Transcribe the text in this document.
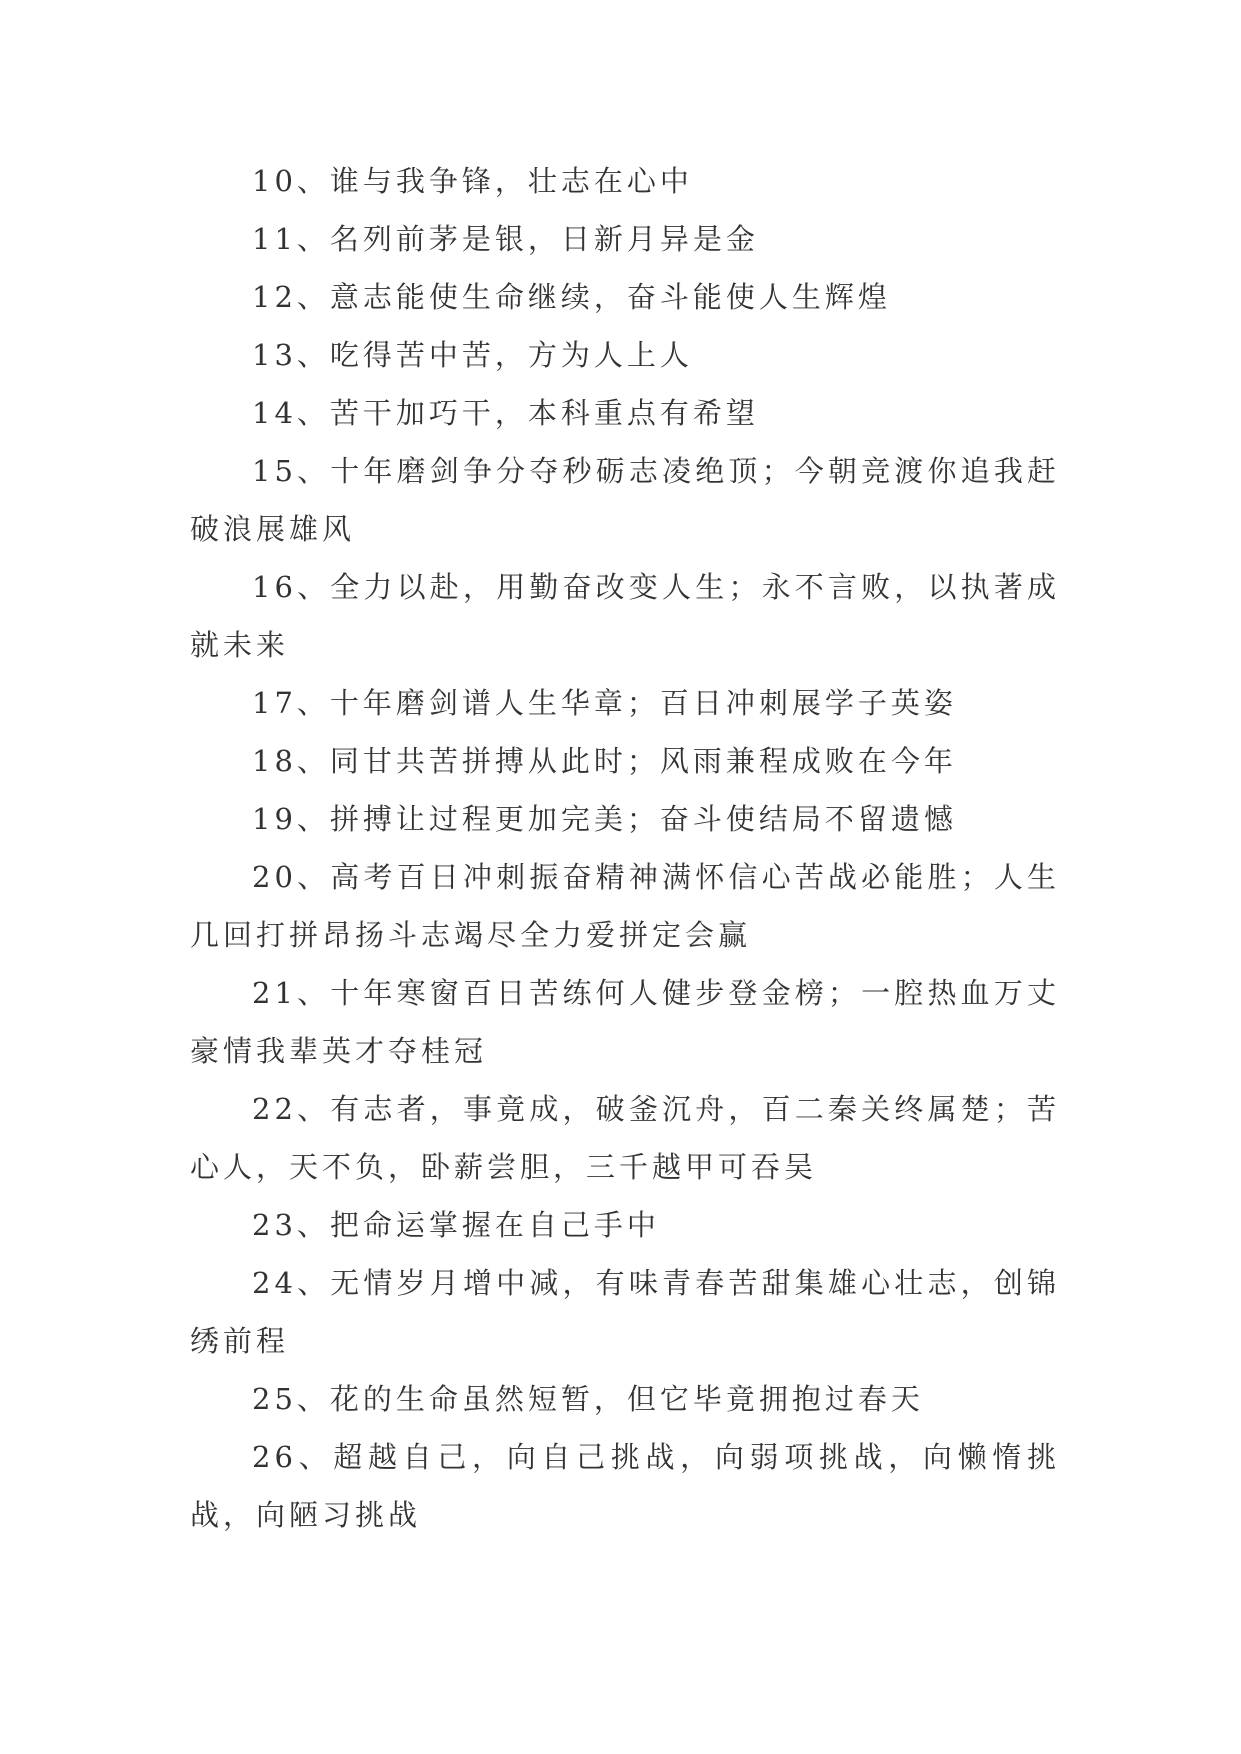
10、谁与我争锋，壮志在心中

11、名列前茅是银，日新月异是金

12、意志能使生命继续，奋斗能使人生辉煌

13、吃得苦中苦，方为人上人

14、苦干加巧干，本科重点有希望

15、十年磨剑争分夺秒砺志凌绝顶；今朝竞渡你追我赶破浪展雄风

16、全力以赴，用勤奋改变人生；永不言败，以执著成就未来

17、十年磨剑谱人生华章；百日冲刺展学子英姿

18、同甘共苦拼搏从此时；风雨兼程成败在今年

19、拼搏让过程更加完美；奋斗使结局不留遗憾

20、高考百日冲刺振奋精神满怀信心苦战必能胜；人生几回打拼昂扬斗志竭尽全力爱拼定会赢

21、十年寒窗百日苦练何人健步登金榜；一腔热血万丈豪情我辈英才夺桂冠

22、有志者，事竟成，破釜沉舟，百二秦关终属楚；苦心人，天不负，卧薪尝胆，三千越甲可吞吴

23、把命运掌握在自己手中

24、无情岁月增中减，有味青春苦甜集雄心壮志，创锦绣前程

25、花的生命虽然短暂，但它毕竟拥抱过春天

26、超越自己，向自己挑战，向弱项挑战，向懒惰挑战，向陋习挑战
